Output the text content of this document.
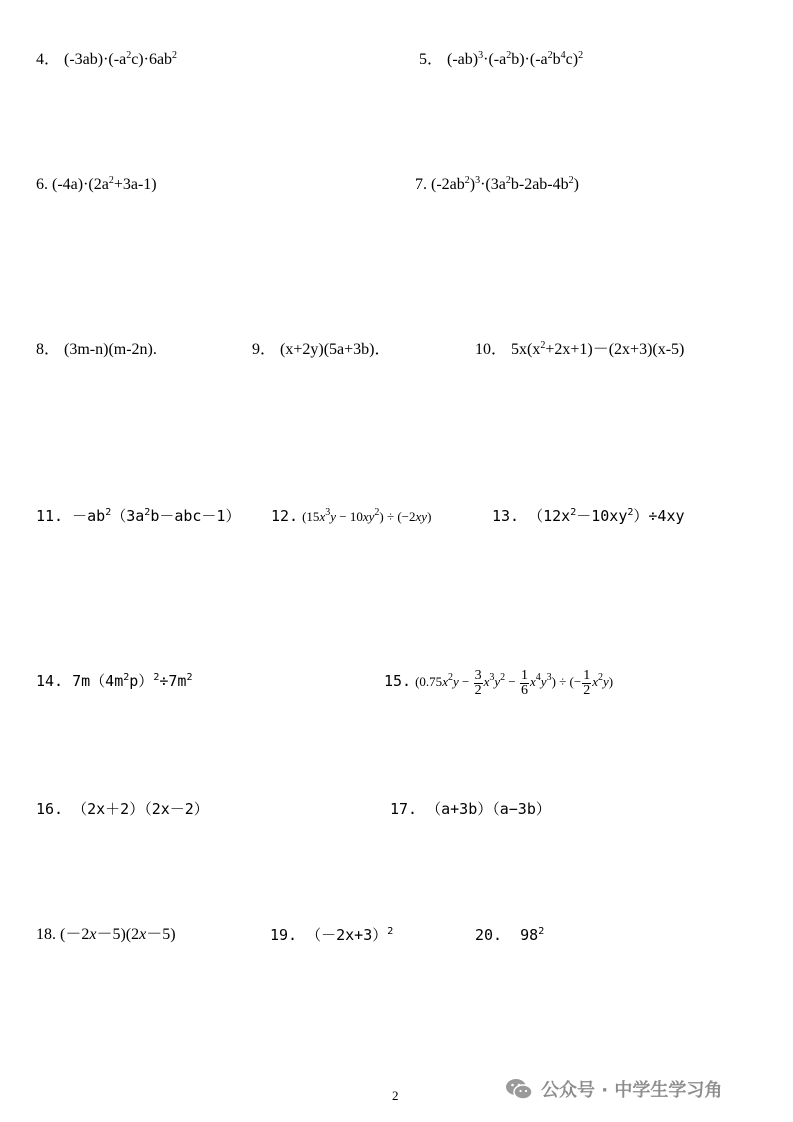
4． $(-3ab)\cdot(-a^2c)\cdot 6ab^2$	5． $(-ab)^3\cdot(-a^2b)\cdot(-a^2b^4c)^2$
6. $(-4a)\cdot(2a^2+3a-1)$	7. $(-2ab^2)^3\cdot(3a^2b-2ab-4b^2)$
8． (3m-n)(m-2n).	9． (x+2y)(5a+3b)．	10． $5x(x^2+2x+1)-(2x+3)(x-5)$
11. $-ab^2(3a^2b-abc-1)$ 12. $(15x^3y - 10xy^2) \div (-2xy)$	13. $(12x^2-10xy^2)\div 4xy$
14. $7m(4m^2p)^2\div 7m^2$	15. $(0.75x^2y - \frac{3}{2} x^3y^2 - \frac{1}{6} x^4y^3)$ ÷ (− $\frac{1}{2} x^2y$)
16. （2x＋2）（2x－2）	17. （a+3b）（a−3b）
18. (－2x－5)(2x－5)	19. $(-2x+3)^2$	20.  $98^2$
2	公众号 · 中学生学习角
